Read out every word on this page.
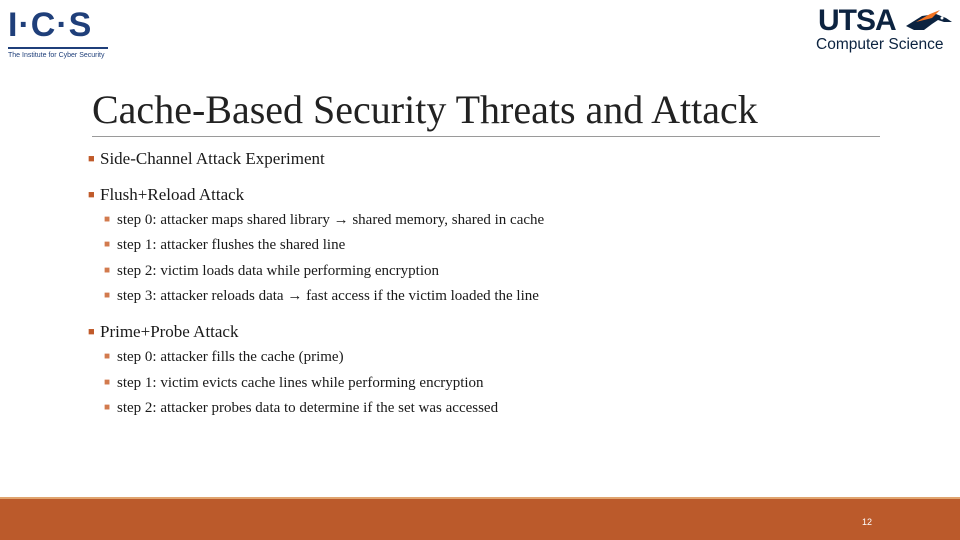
I·C·S
The Institute for Cyber Security
UTSA
Computer Science
Cache-Based Security Threats and Attack
■ Side-Channel Attack Experiment
■ Flush+Reload Attack
■ step 0: attacker maps shared library → shared memory, shared in cache
■ step 1: attacker flushes the shared line
■ step 2: victim loads data while performing encryption
■ step 3: attacker reloads data → fast access if the victim loaded the line
■ Prime+Probe Attack
■ step 0: attacker fills the cache (prime)
■ step 1: victim evicts cache lines while performing encryption
■ step 2: attacker probes data to determine if the set was accessed
12
